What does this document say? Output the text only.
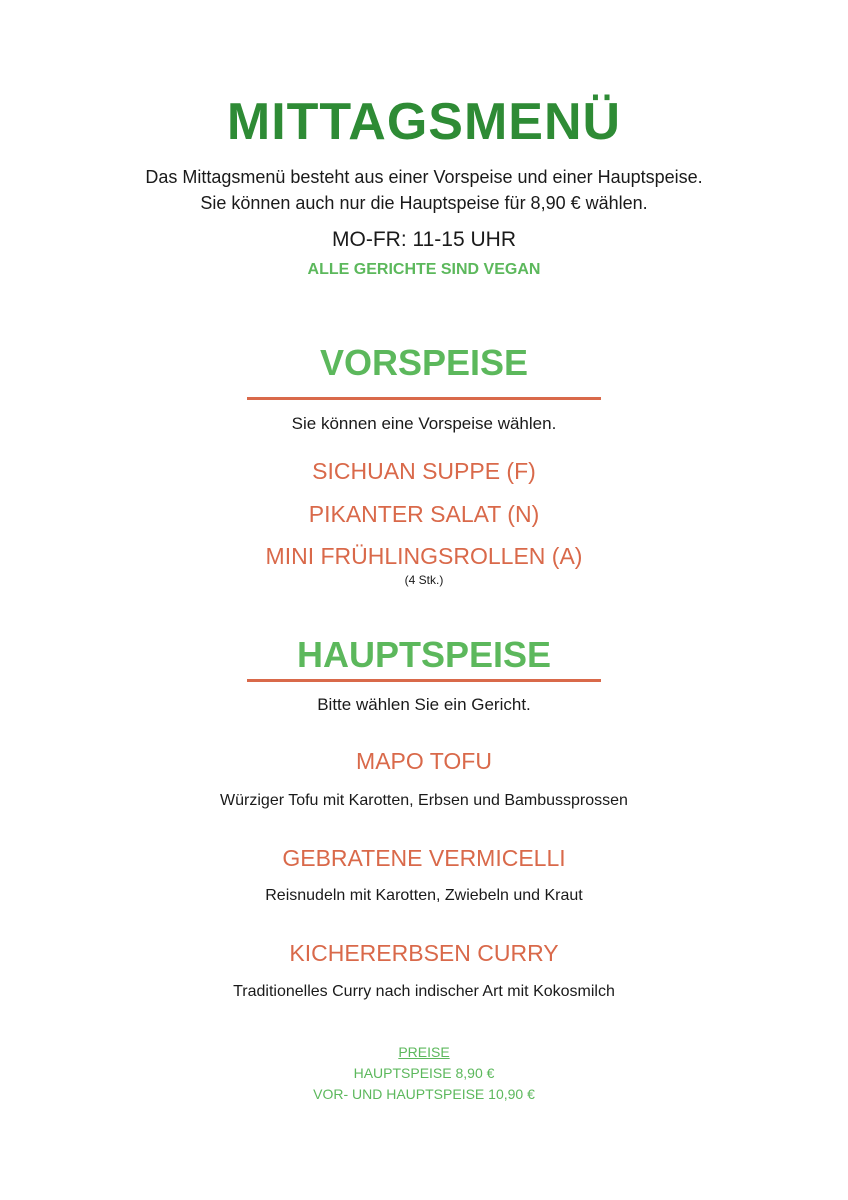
MITTAGSMENÜ

Das Mittagsmenü besteht aus einer Vorspeise und einer Hauptspeise.

Sie können auch nur die Hauptspeise für 8,90 € wählen.

MO-FR: 11-15 UHR

ALLE GERICHTE SIND VEGAN

VORSPEISE

Sie können eine Vorspeise wählen.

SICHUAN SUPPE (F)

PIKANTER SALAT (N)

MINI FRÜHLINGSROLLEN (A)

(4 Stk.)

HAUPTSPEISE

Bitte wählen Sie ein Gericht.

MAPO TOFU

Würziger Tofu mit Karotten, Erbsen und Bambussprossen

GEBRATENE VERMICELLI

Reisnudeln mit Karotten, Zwiebeln und Kraut

KICHERERBSEN CURRY

Traditionelles Curry nach indischer Art mit Kokosmilch

PREISE

HAUPTSPEISE 8,90 €

VOR- UND HAUPTSPEISE 10,90 €
